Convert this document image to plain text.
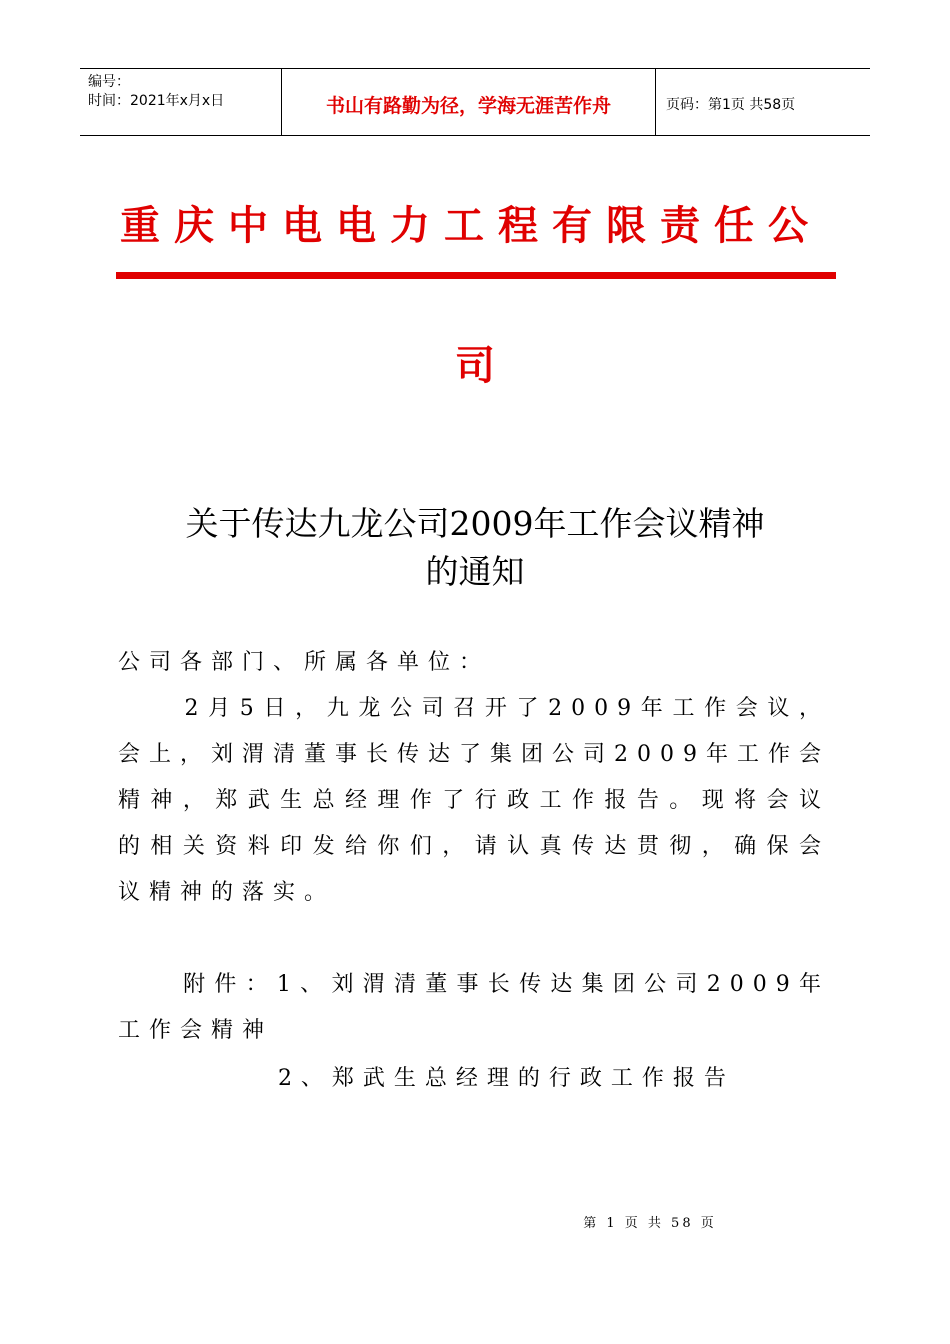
编号：
时间：2021年x月x日	书山有路勤为径，学海无涯苦作舟	页码：第1页 共58页
重庆中电电力工程有限责任公
司
关于传达九龙公司2009年工作会议精神
的通知
公司各部门、所属各单位：
2月5日，九龙公司召开了2009年工作会议，会上，刘渭清董事长传达了集团公司2009年工作会精神，郑武生总经理作了行政工作报告。现将会议的相关资料印发给你们，请认真传达贯彻，确保会议精神的落实。
附件：1、刘渭清董事长传达集团公司2009年工作会精神
2、郑武生总经理的行政工作报告
第 1 页 共 58 页
